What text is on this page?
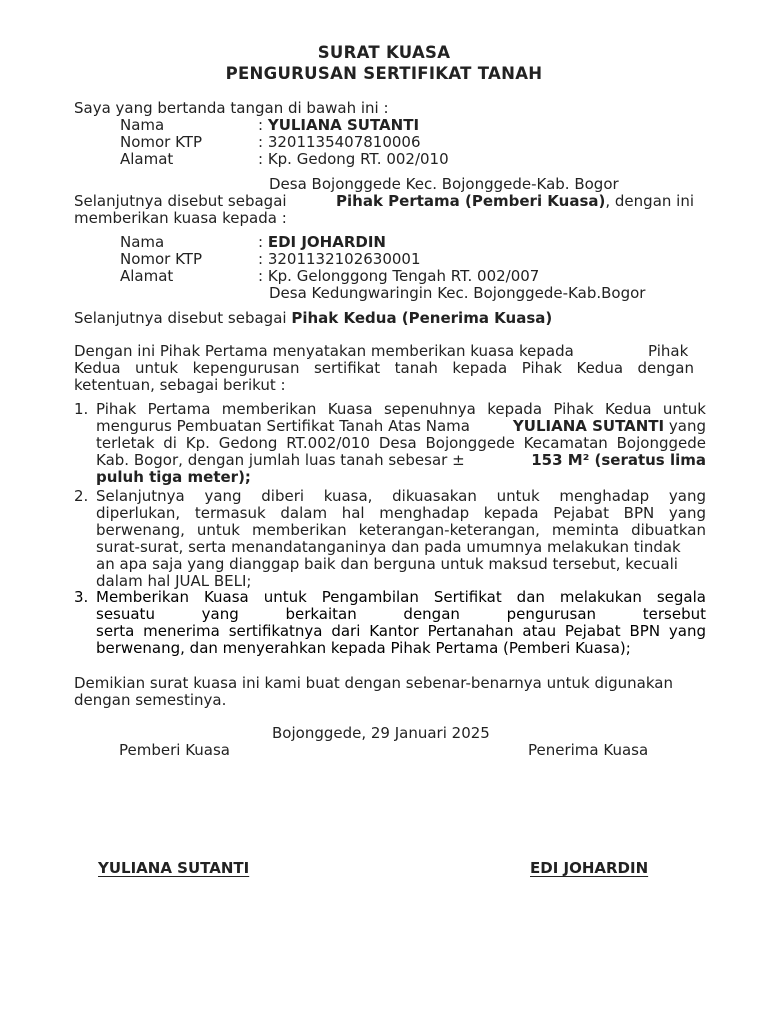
SURAT KUASA
PENGURUSAN SERTIFIKAT TANAH
Saya yang bertanda tangan di bawah ini :
Nama	: YULIANA SUTANTI
Nomor KTP	: 3201135407810006
Alamat	: Kp. Gedong RT. 002/010
Desa Bojonggede Kec. Bojonggede-Kab. Bogor
Selanjutnya disebut sebagai	Pihak Pertama (Pemberi Kuasa), dengan ini
memberikan kuasa kepada :
Nama	: EDI JOHARDIN
Nomor KTP	: 3201132102630001
Alamat	: Kp. Gelonggong Tengah RT. 002/007
Desa Kedungwaringin Kec. Bojonggede-Kab.Bogor
Selanjutnya disebut sebagai Pihak Kedua (Penerima Kuasa)
Dengan ini Pihak Pertama menyatakan memberikan kuasa kepada	Pihak
Kedua untuk kepengurusan sertifikat tanah kepada Pihak Kedua dengan
ketentuan, sebagai berikut :
1. Pihak Pertama memberikan Kuasa sepenuhnya kepada Pihak Kedua untuk
mengurus Pembuatan Sertifikat Tanah Atas Nama	YULIANA SUTANTI yang
terletak di Kp. Gedong RT.002/010 Desa Bojonggede Kecamatan Bojonggede
Kab. Bogor, dengan jumlah luas tanah sebesar ±	153 M² (seratus lima
puluh tiga meter);
2. Selanjutnya yang diberi kuasa, dikuasakan untuk menghadap yang
diperlukan, termasuk dalam hal menghadap kepada Pejabat BPN yang
berwenang, untuk memberikan keterangan-keterangan, meminta dibuatkan
surat-surat, serta menandatanganinya dan pada umumnya melakukan tindak
an apa saja yang dianggap baik dan berguna untuk maksud tersebut, kecuali
dalam hal JUAL BELI;
3. Memberikan Kuasa untuk Pengambilan Sertifikat dan melakukan segala
sesuatu yang berkaitan dengan pengurusan tersebut
serta menerima sertifikatnya dari Kantor Pertanahan atau Pejabat BPN yang
berwenang, dan menyerahkan kepada Pihak Pertama (Pemberi Kuasa);
Demikian surat kuasa ini kami buat dengan sebenar-benarnya untuk digunakan
dengan semestinya.
Bojonggede, 29 Januari 2025
Pemberi Kuasa	Penerima Kuasa
YULIANA SUTANTI	EDI JOHARDIN
